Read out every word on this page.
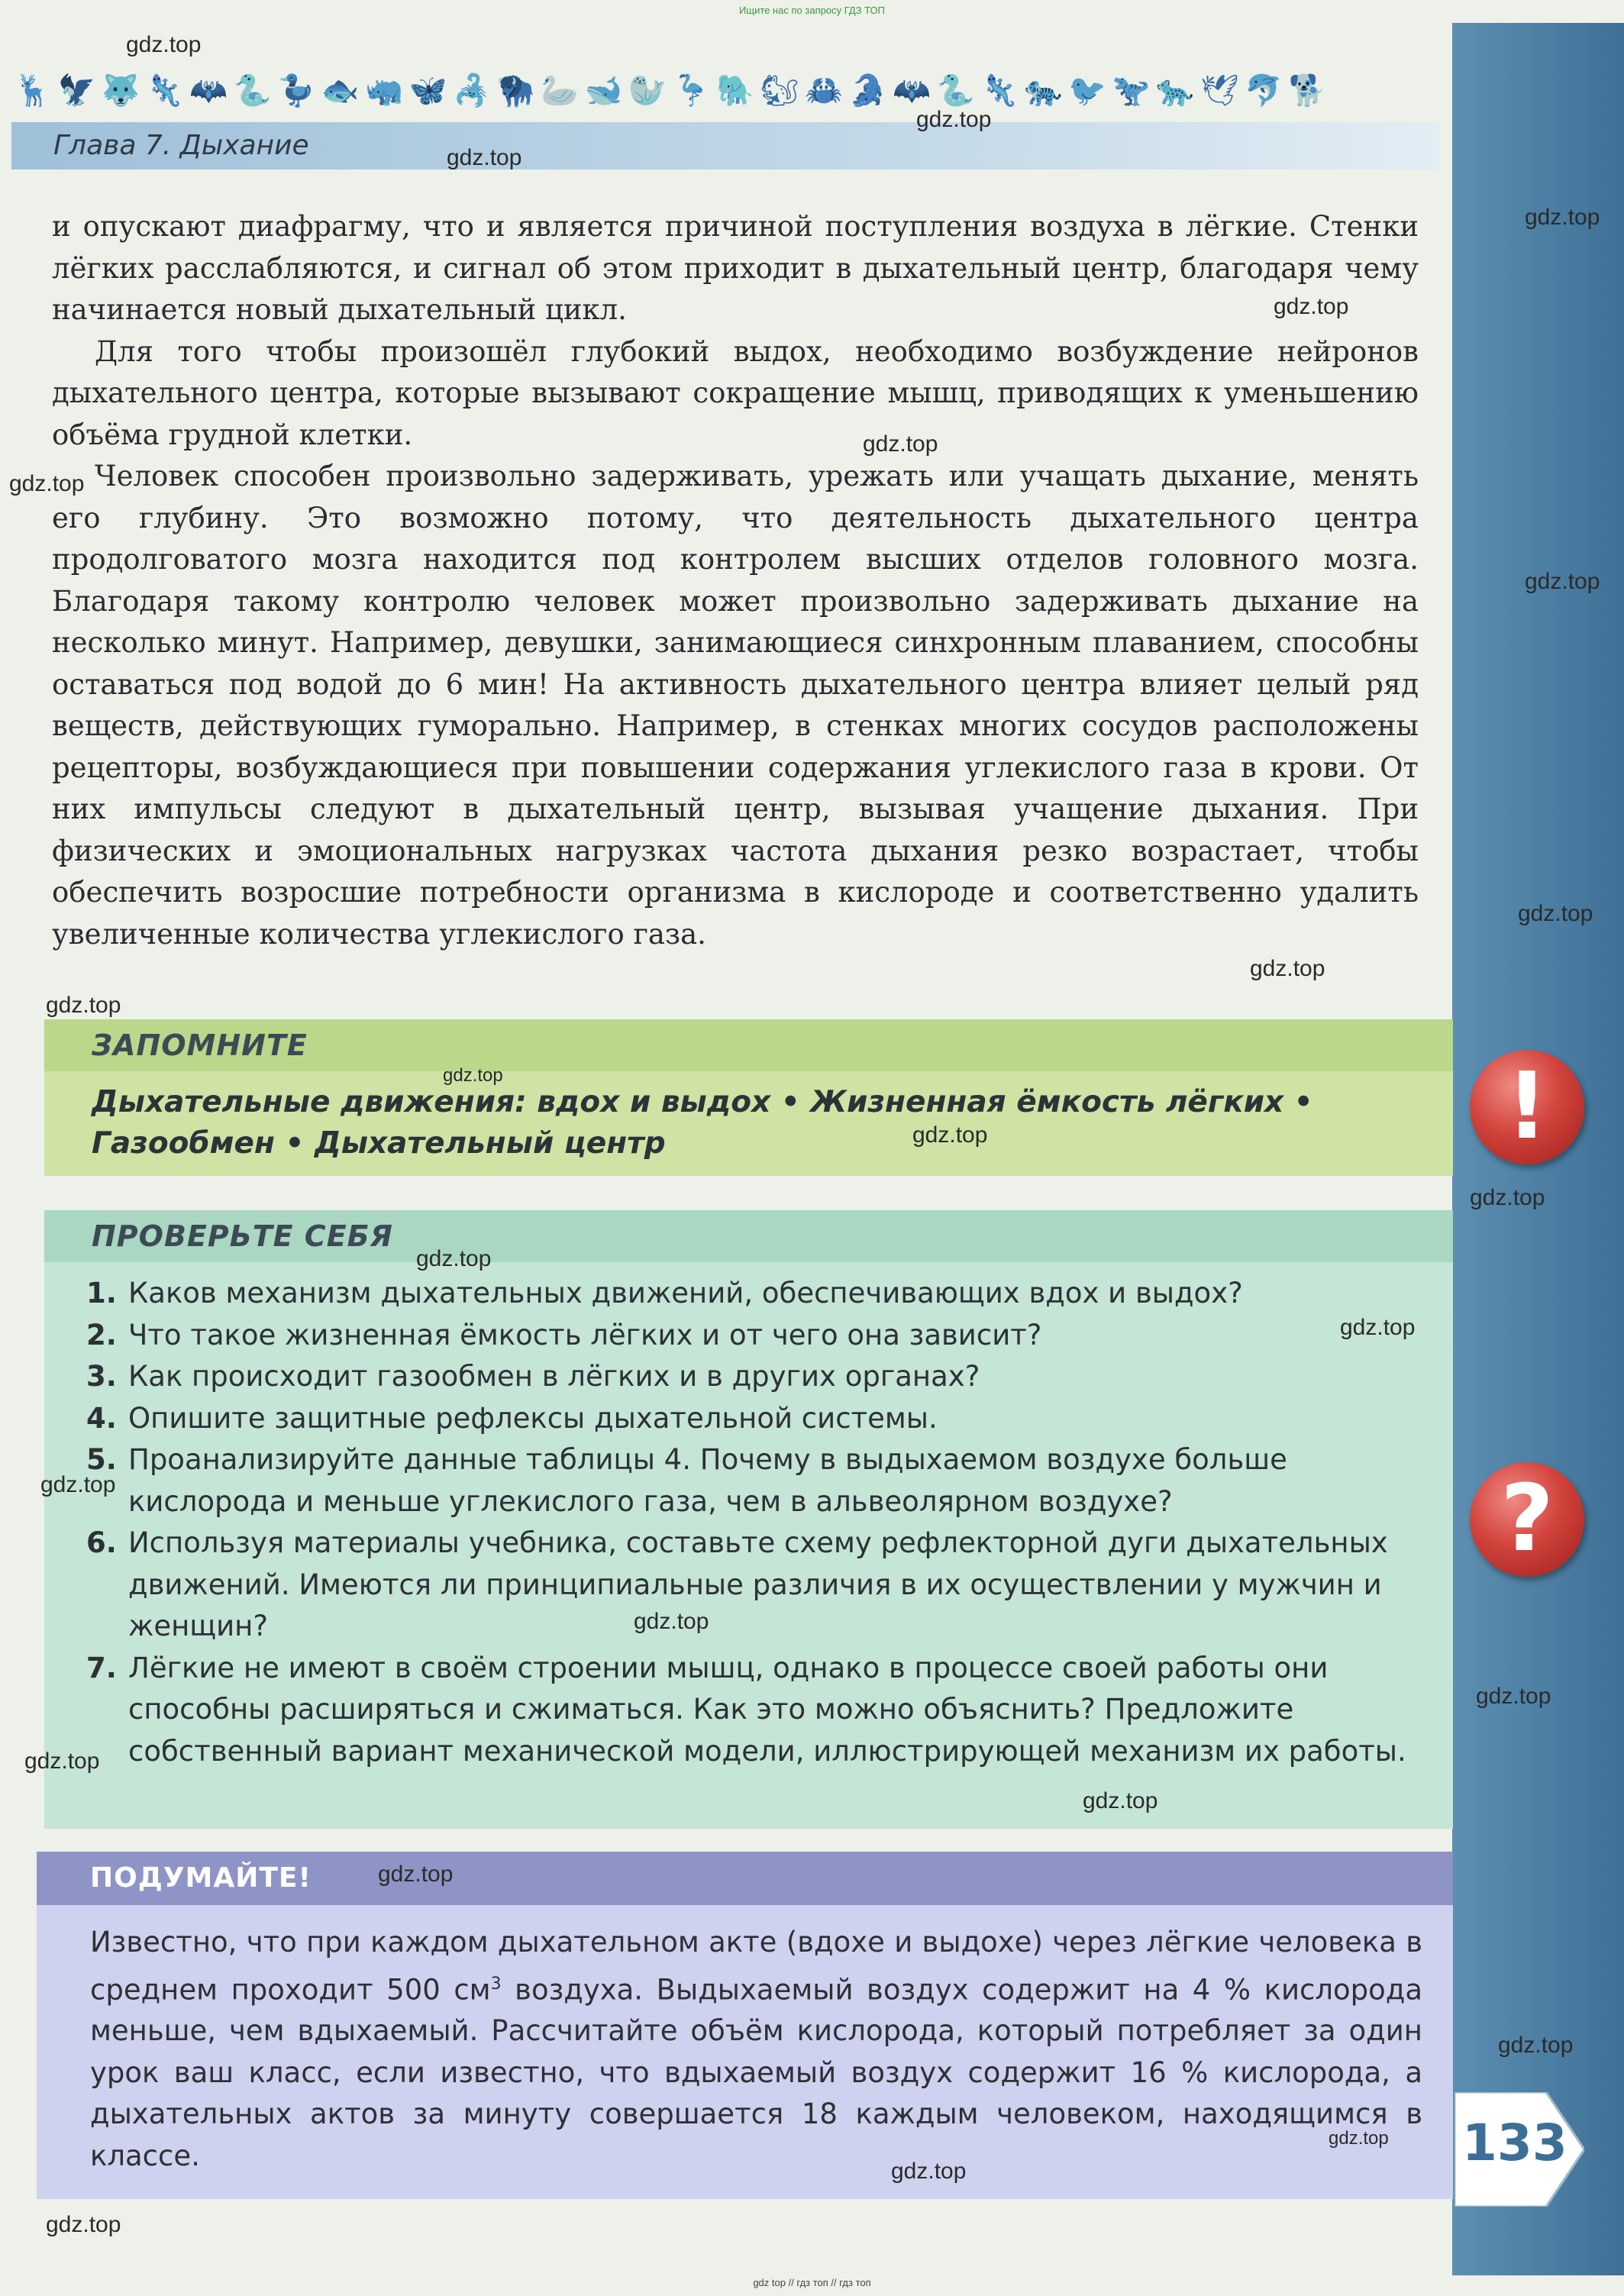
Ищите нас по запросу ГДЗ ТОП
🦌 🦅 🐺 🦎 🦇 🐍 🦆 🐟 🦏 🦋 🦂 🦬 🦢 🐋 🦭 🦩 🐘 🐿 🦀 🐊 🦇 🐍 🦎 🐅 🐦 🦖 🐆 🕊 🐬 🐕
Глава 7. Дыхание

и опускают диафрагму, что и является причиной поступления воздуха в лёгкие. Стенки лёгких расслабляются, и сигнал об этом приходит в дыхательный центр, благодаря чему начинается новый дыхательный цикл.

Для того чтобы произошёл глубокий выдох, необходимо возбуждение нейронов дыхательного центра, которые вызывают сокращение мышц, приводящих к уменьшению объёма грудной клетки.

Человек способен произвольно задерживать, урежать или учащать дыхание, менять его глубину. Это возможно потому, что деятельность дыхательного центра продолговатого мозга находится под контролем высших отделов головного мозга. Благодаря такому контролю человек может произвольно задерживать дыхание на несколько минут. Например, девушки, занимающиеся синхронным плаванием, способны оставаться под водой до 6 мин! На активность дыхательного центра влияет целый ряд веществ, действующих гуморально. Например, в стенках многих сосудов расположены рецепторы, возбуждающиеся при повышении содержания углекислого газа в крови. От них импульсы следуют в дыхательный центр, вызывая учащение дыхания. При физических и эмоциональных нагрузках частота дыхания резко возрастает, чтобы обеспечить возросшие потребности организма в кислороде и соответственно удалить увеличенные количества углекислого газа.

ЗАПОМНИТЕ
Дыхательные движения: вдох и выдох • Жизненная ёмкость лёгких •
Газообмен • Дыхательный центр	!
ПРОВЕРЬТЕ СЕБЯ
1. Каков механизм дыхательных движений, обеспечивающих вдох и выдох?
2. Что такое жизненная ёмкость лёгких и от чего она зависит?
3. Как происходит газообмен в лёгких и в других органах?
4. Опишите защитные рефлексы дыхательной системы.
5. Проанализируйте данные таблицы 4. Почему в выдыхаемом воздухе больше кислорода и меньше углекислого газа, чем в альвеолярном воздухе?
6. Используя материалы учебника, составьте схему рефлекторной дуги дыхательных движений. Имеются ли принципиальные различия в их осуществлении у мужчин и женщин?
7. Лёгкие не имеют в своём строении мышц, однако в процессе своей работы они способны расширяться и сжиматься. Как это можно объяснить? Предложите собственный вариант механической модели, иллюстрирующей механизм их работы.
?
ПОДУМАЙТЕ!
Известно, что при каждом дыхательном акте (вдохе и выдохе) через лёгкие человека в среднем проходит 500 $см^3$ воздуха. Выдыхаемый воздух содержит на 4 % кислорода меньше, чем вдыхаемый. Рассчитайте объём кислорода, который потребляет за один урок ваш класс, если известно, что вдыхаемый воздух содержит 16 % кислорода, а дыхательных актов за минуту совершается 18 каждым человеком, находящимся в классе.	133
gdz.top
gdz.top
gdz.top
gdz.top
gdz.top
gdz.top
gdz.top
gdz.top
gdz.top
gdz.top
gdz.top
gdz.top
gdz.top
gdz.top
gdz.top
gdz.top
gdz.top
gdz.top
gdz.top
gdz.top
gdz.top
gdz.top
gdz.top
gdz.top
gdz.top
gdz.top
gdz top // гдз топ // гдз топ
